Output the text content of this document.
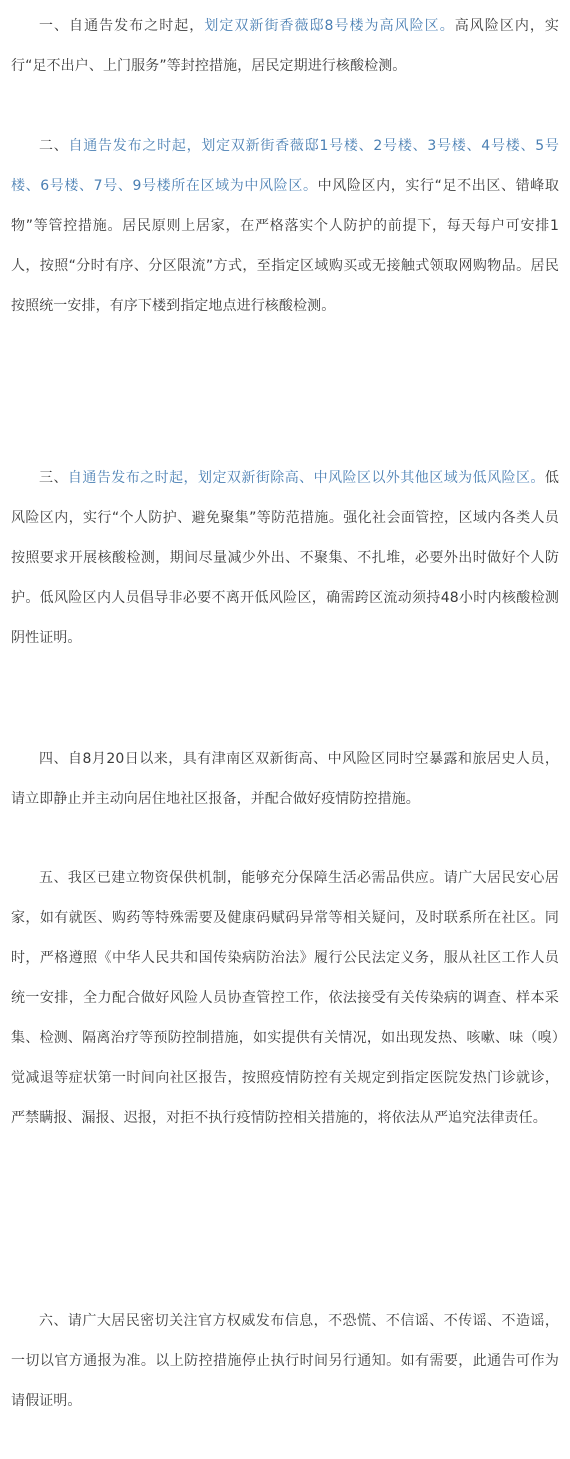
一、自通告发布之时起，划定双新街香薇邸8号楼为高风险区。高风险区内，实行“足不出户、上门服务”等封控措施，居民定期进行核酸检测。

二、自通告发布之时起，划定双新街香薇邸1号楼、2号楼、3号楼、4号楼、5号楼、6号楼、7号、9号楼所在区域为中风险区。中风险区内，实行“足不出区、错峰取物”等管控措施。居民原则上居家，在严格落实个人防护的前提下，每天每户可安排1人，按照“分时有序、分区限流”方式，至指定区域购买或无接触式领取网购物品。居民按照统一安排，有序下楼到指定地点进行核酸检测。

三、自通告发布之时起，划定双新街除高、中风险区以外其他区域为低风险区。低风险区内，实行“个人防护、避免聚集”等防范措施。强化社会面管控，区域内各类人员按照要求开展核酸检测，期间尽量减少外出、不聚集、不扎堆，必要外出时做好个人防护。低风险区内人员倡导非必要不离开低风险区，确需跨区流动须持48小时内核酸检测阴性证明。

四、自8月20日以来，具有津南区双新街高、中风险区同时空暴露和旅居史人员，请立即静止并主动向居住地社区报备，并配合做好疫情防控措施。

五、我区已建立物资保供机制，能够充分保障生活必需品供应。请广大居民安心居家，如有就医、购药等特殊需要及健康码赋码异常等相关疑问，及时联系所在社区。同时，严格遵照《中华人民共和国传染病防治法》履行公民法定义务，服从社区工作人员统一安排，全力配合做好风险人员协查管控工作，依法接受有关传染病的调查、样本采集、检测、隔离治疗等预防控制措施，如实提供有关情况，如出现发热、咳嗽、味（嗅）觉减退等症状第一时间向社区报告，按照疫情防控有关规定到指定医院发热门诊就诊，严禁瞒报、漏报、迟报，对拒不执行疫情防控相关措施的，将依法从严追究法律责任。

六、请广大居民密切关注官方权威发布信息，不恐慌、不信谣、不传谣、不造谣，一切以官方通报为准。以上防控措施停止执行时间另行通知。如有需要，此通告可作为请假证明。
